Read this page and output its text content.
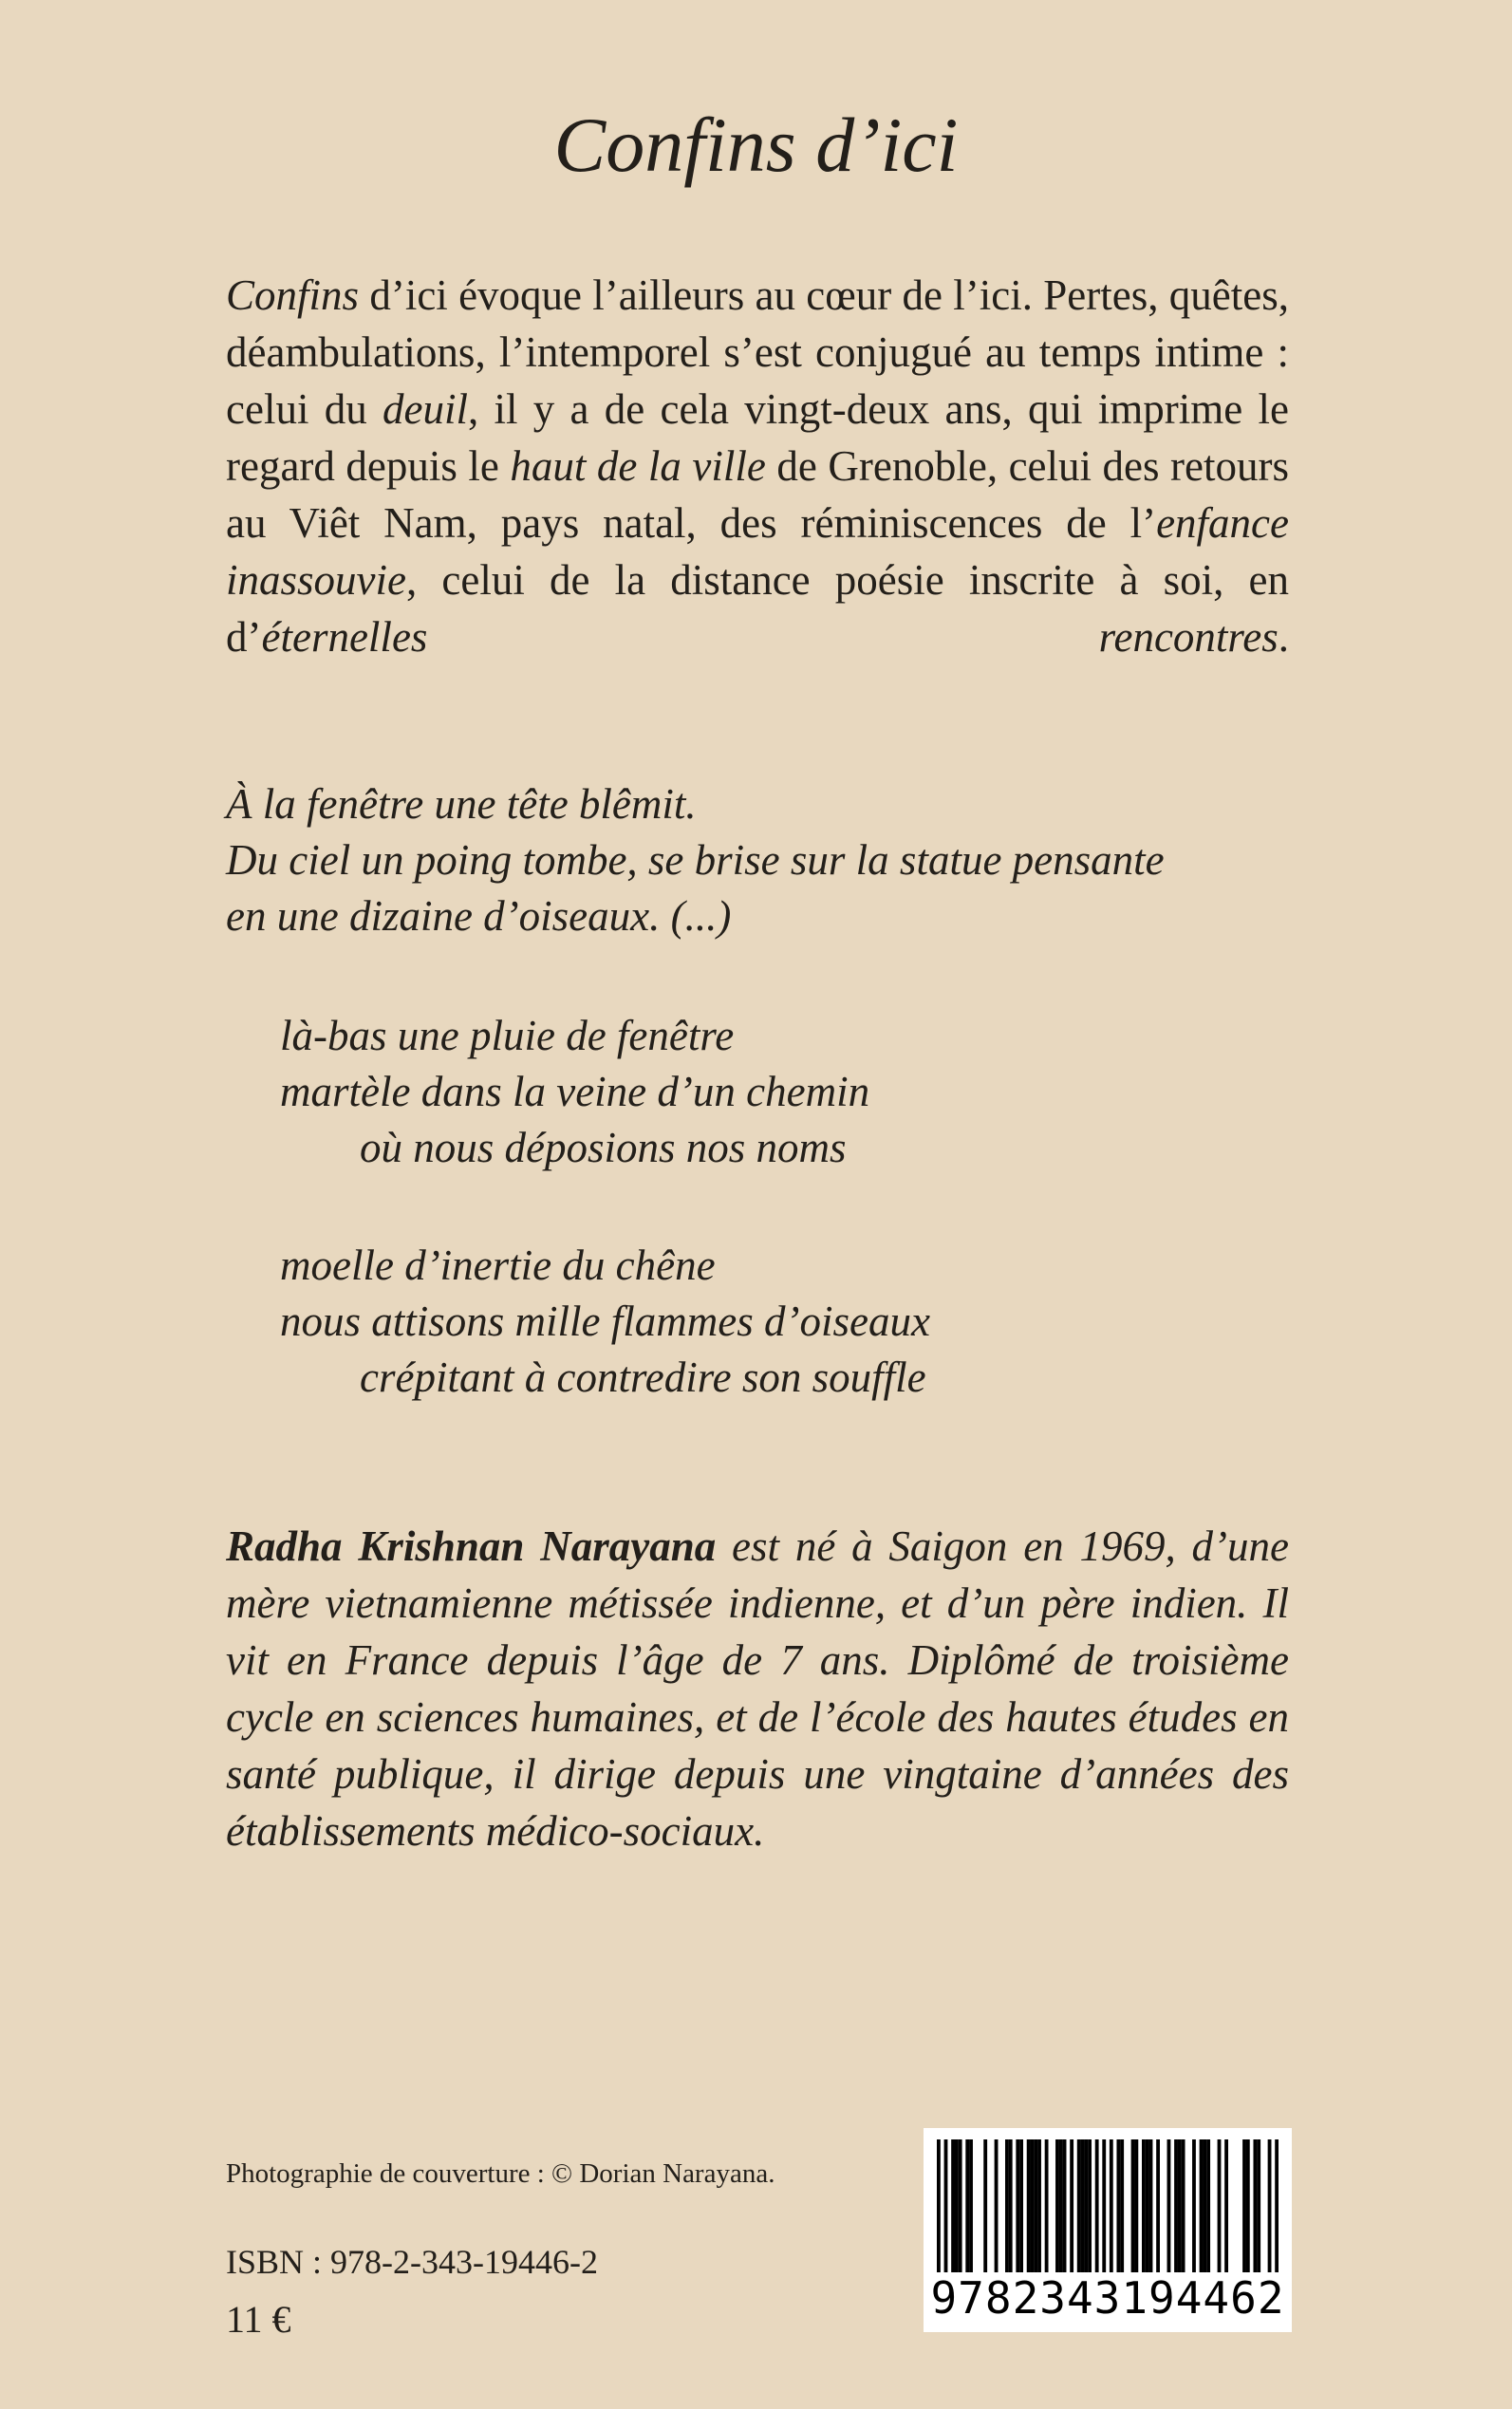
Confins d’ici

Confins d’ici évoque l’ailleurs au cœur de l’ici. Pertes, quêtes, déambulations, l’intemporel s’est conjugué au temps intime : celui du deuil, il y a de cela vingt-deux ans, qui imprime le regard depuis le haut de la ville de Grenoble, celui des retours au Viêt Nam, pays natal, des réminiscences de l’enfance inassouvie, celui de la distance poésie inscrite à soi, en d’éternelles rencontres.

À la fenêtre une tête blêmit.
Du ciel un poing tombe, se brise sur la statue pensante
en une dizaine d’oiseaux. (...)
là-bas une pluie de fenêtre
martèle dans la veine d’un chemin
où nous déposions nos noms
moelle d’inertie du chêne
nous attisons mille flammes d’oiseaux
crépitant à contredire son souffle

Radha Krishnan Narayana est né à Saigon en 1969, d’une mère vietnamienne métissée indienne, et d’un père indien. Il vit en France depuis l’âge de 7 ans. Diplômé de troisième cycle en sciences humaines, et de l’école des hautes études en santé publique, il dirige depuis une vingtaine d’années des établissements médico-sociaux.

Photographie de couverture : © Dorian Narayana.
ISBN : 978-2-343-19446-2
11 €	9782343194462
